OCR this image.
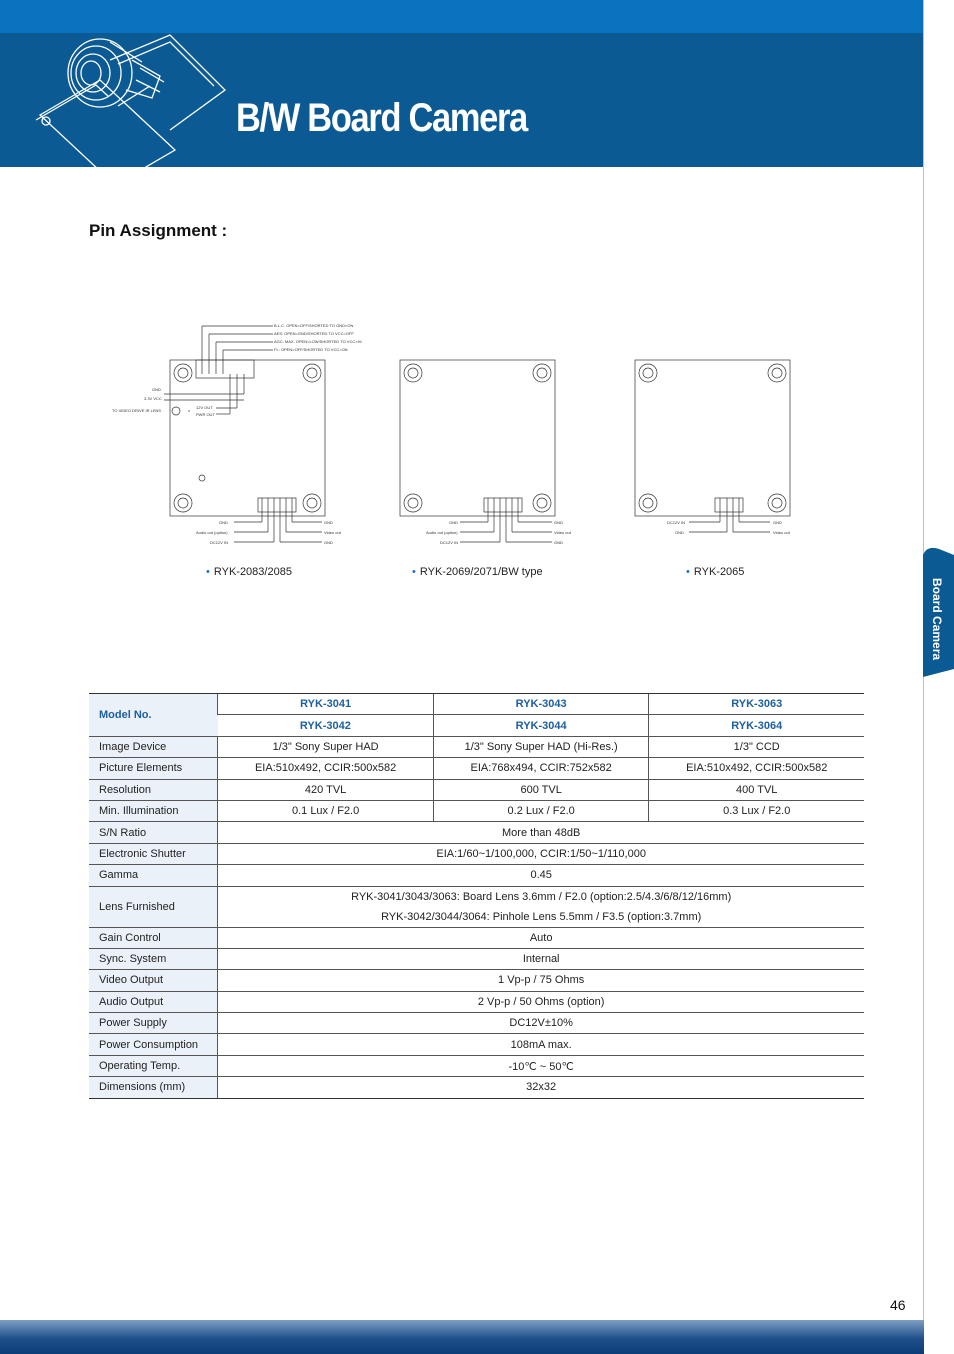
B/W Board Camera
Board Camera
Pin Assignment :
B.L.C. OPEN=OFF/SHORTED TO GND=ON
AES: OPEN=GND/SHORTED TO VCC=OFF
AGC: MAX. OPEN=LOW/SHORTED TO VCC=HI
FL: OPEN=OFF/SHORTED TO VCC=ON
GND
3.3V VCC
TO VIDEO DRIVE IR LENS
12V OUT
PWR OUT
GND
Audio out (option)
DC12V IN
GND
Video out
GND
GND
Audio out (option)
DC12V IN
GND
Video out
GND
DC12V IN
GND
GND
Video out
• RYK-2083/2085	• RYK-2069/2071/BW type	• RYK-2065
Model No.	RYK-3041	RYK-3043	RYK-3063
	RYK-3042	RYK-3044	RYK-3064
Image Device	1/3" Sony Super HAD	1/3" Sony Super HAD (Hi-Res.)	1/3" CCD
Picture Elements	EIA:510x492, CCIR:500x582	EIA:768x494, CCIR:752x582	EIA:510x492, CCIR:500x582
Resolution	420 TVL	600 TVL	400 TVL
Min. Illumination	0.1 Lux / F2.0	0.2 Lux / F2.0	0.3 Lux / F2.0
S/N Ratio	More than 48dB		
Electronic Shutter	EIA:1/60~1/100,000, CCIR:1/50~1/110,000		
Gamma	0.45		
Lens Furnished	RYK-3041/3043/3063: Board Lens 3.6mm / F2.0 (option:2.5/4.3/6/8/12/16mm)
RYK-3042/3044/3064: Pinhole Lens 5.5mm / F3.5 (option:3.7mm)		

Gain Control	Auto		
Sync. System	Internal		
Video Output	1 Vp-p / 75 Ohms		
Audio Output	2 Vp-p / 50 Ohms (option)		
Power Supply	DC12V±10%		
Power Consumption	108mA max.		
Operating Temp.	-10℃ ~ 50℃		
Dimensions (mm)	32x32		
46
